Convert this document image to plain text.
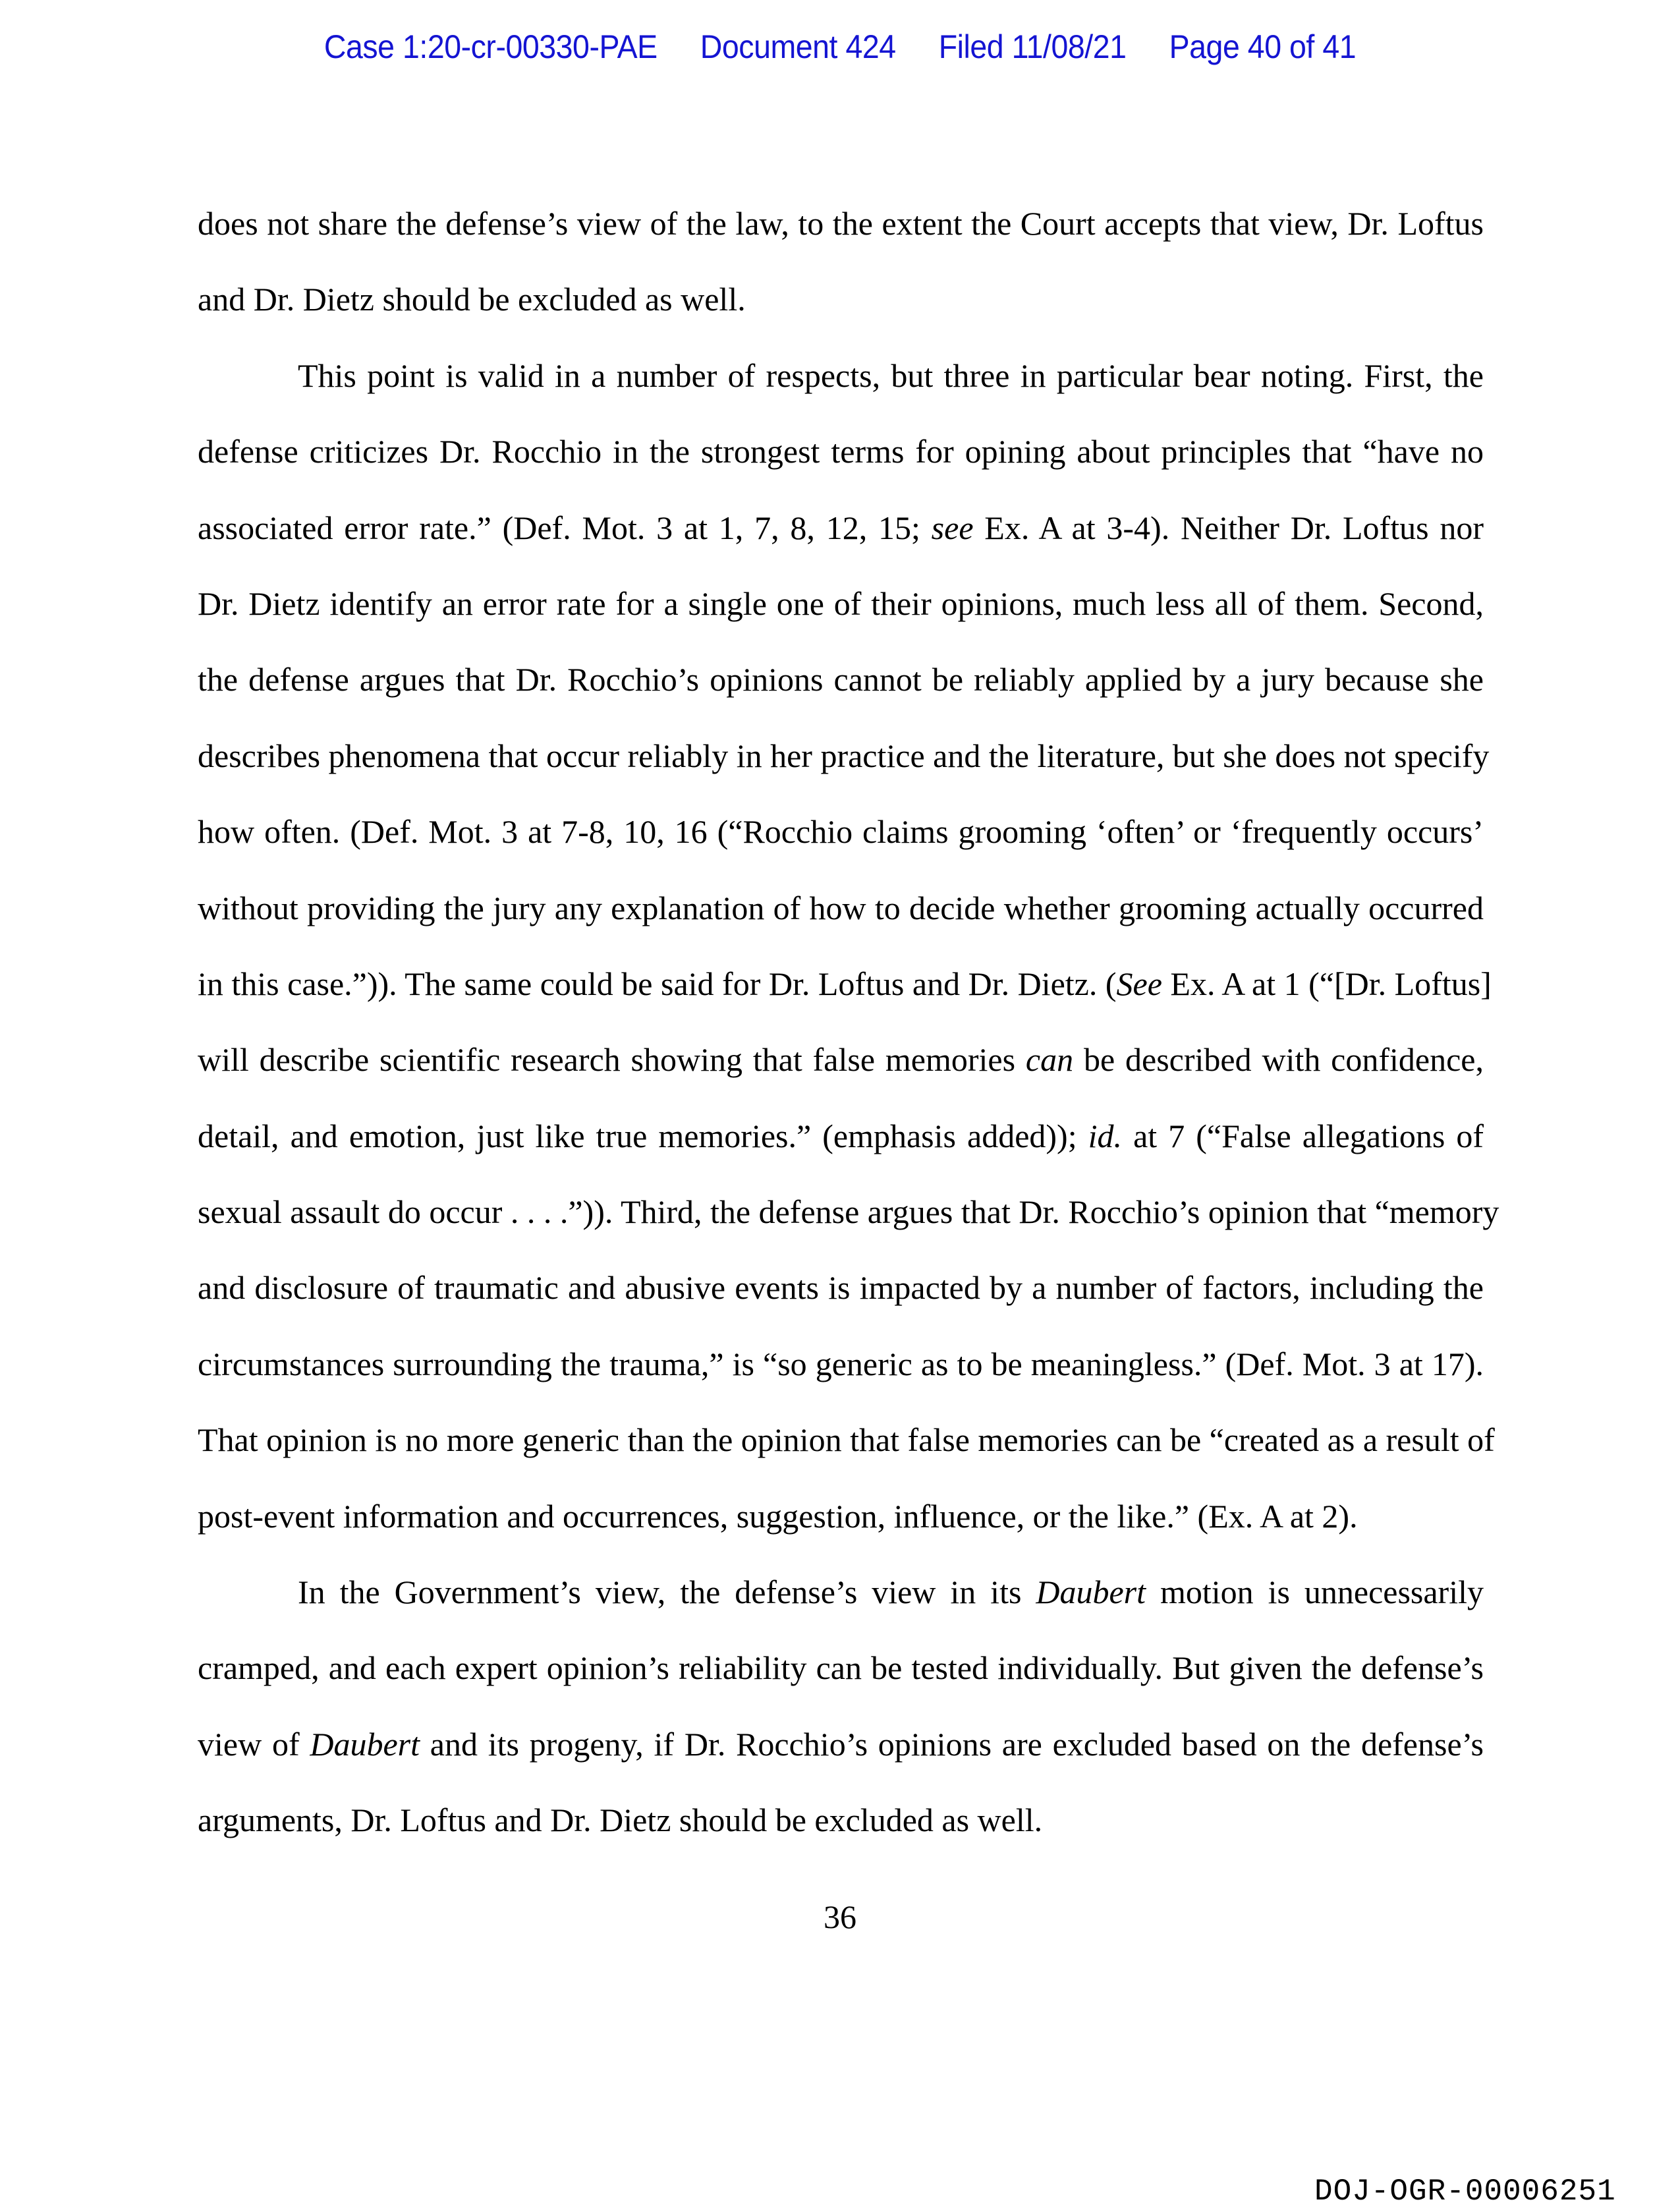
Case 1:20-cr-00330-PAE Document 424 Filed 11/08/21 Page 40 of 41
does not share the defense’s view of the law, to the extent the Court accepts that view, Dr. Loftus
and Dr. Dietz should be excluded as well.
This point is valid in a number of respects, but three in particular bear noting. First, the
defense criticizes Dr. Rocchio in the strongest terms for opining about principles that “have no
associated error rate.” (Def. Mot. 3 at 1, 7, 8, 12, 15; see Ex. A at 3-4). Neither Dr. Loftus nor
Dr. Dietz identify an error rate for a single one of their opinions, much less all of them. Second,
the defense argues that Dr. Rocchio’s opinions cannot be reliably applied by a jury because she
describes phenomena that occur reliably in her practice and the literature, but she does not specify
how often. (Def. Mot. 3 at 7-8, 10, 16 (“Rocchio claims grooming ‘often’ or ‘frequently occurs’
without providing the jury any explanation of how to decide whether grooming actually occurred
in this case.”)). The same could be said for Dr. Loftus and Dr. Dietz. (See Ex. A at 1 (“[Dr. Loftus]
will describe scientific research showing that false memories can be described with confidence,
detail, and emotion, just like true memories.” (emphasis added)); id. at 7 (“False allegations of
sexual assault do occur . . . .”)). Third, the defense argues that Dr. Rocchio’s opinion that “memory
and disclosure of traumatic and abusive events is impacted by a number of factors, including the
circumstances surrounding the trauma,” is “so generic as to be meaningless.” (Def. Mot. 3 at 17).
That opinion is no more generic than the opinion that false memories can be “created as a result of
post-event information and occurrences, suggestion, influence, or the like.” (Ex. A at 2).
In the Government’s view, the defense’s view in its Daubert motion is unnecessarily
cramped, and each expert opinion’s reliability can be tested individually. But given the defense’s
view of Daubert and its progeny, if Dr. Rocchio’s opinions are excluded based on the defense’s
arguments, Dr. Loftus and Dr. Dietz should be excluded as well.
36
DOJ-OGR-00006251
